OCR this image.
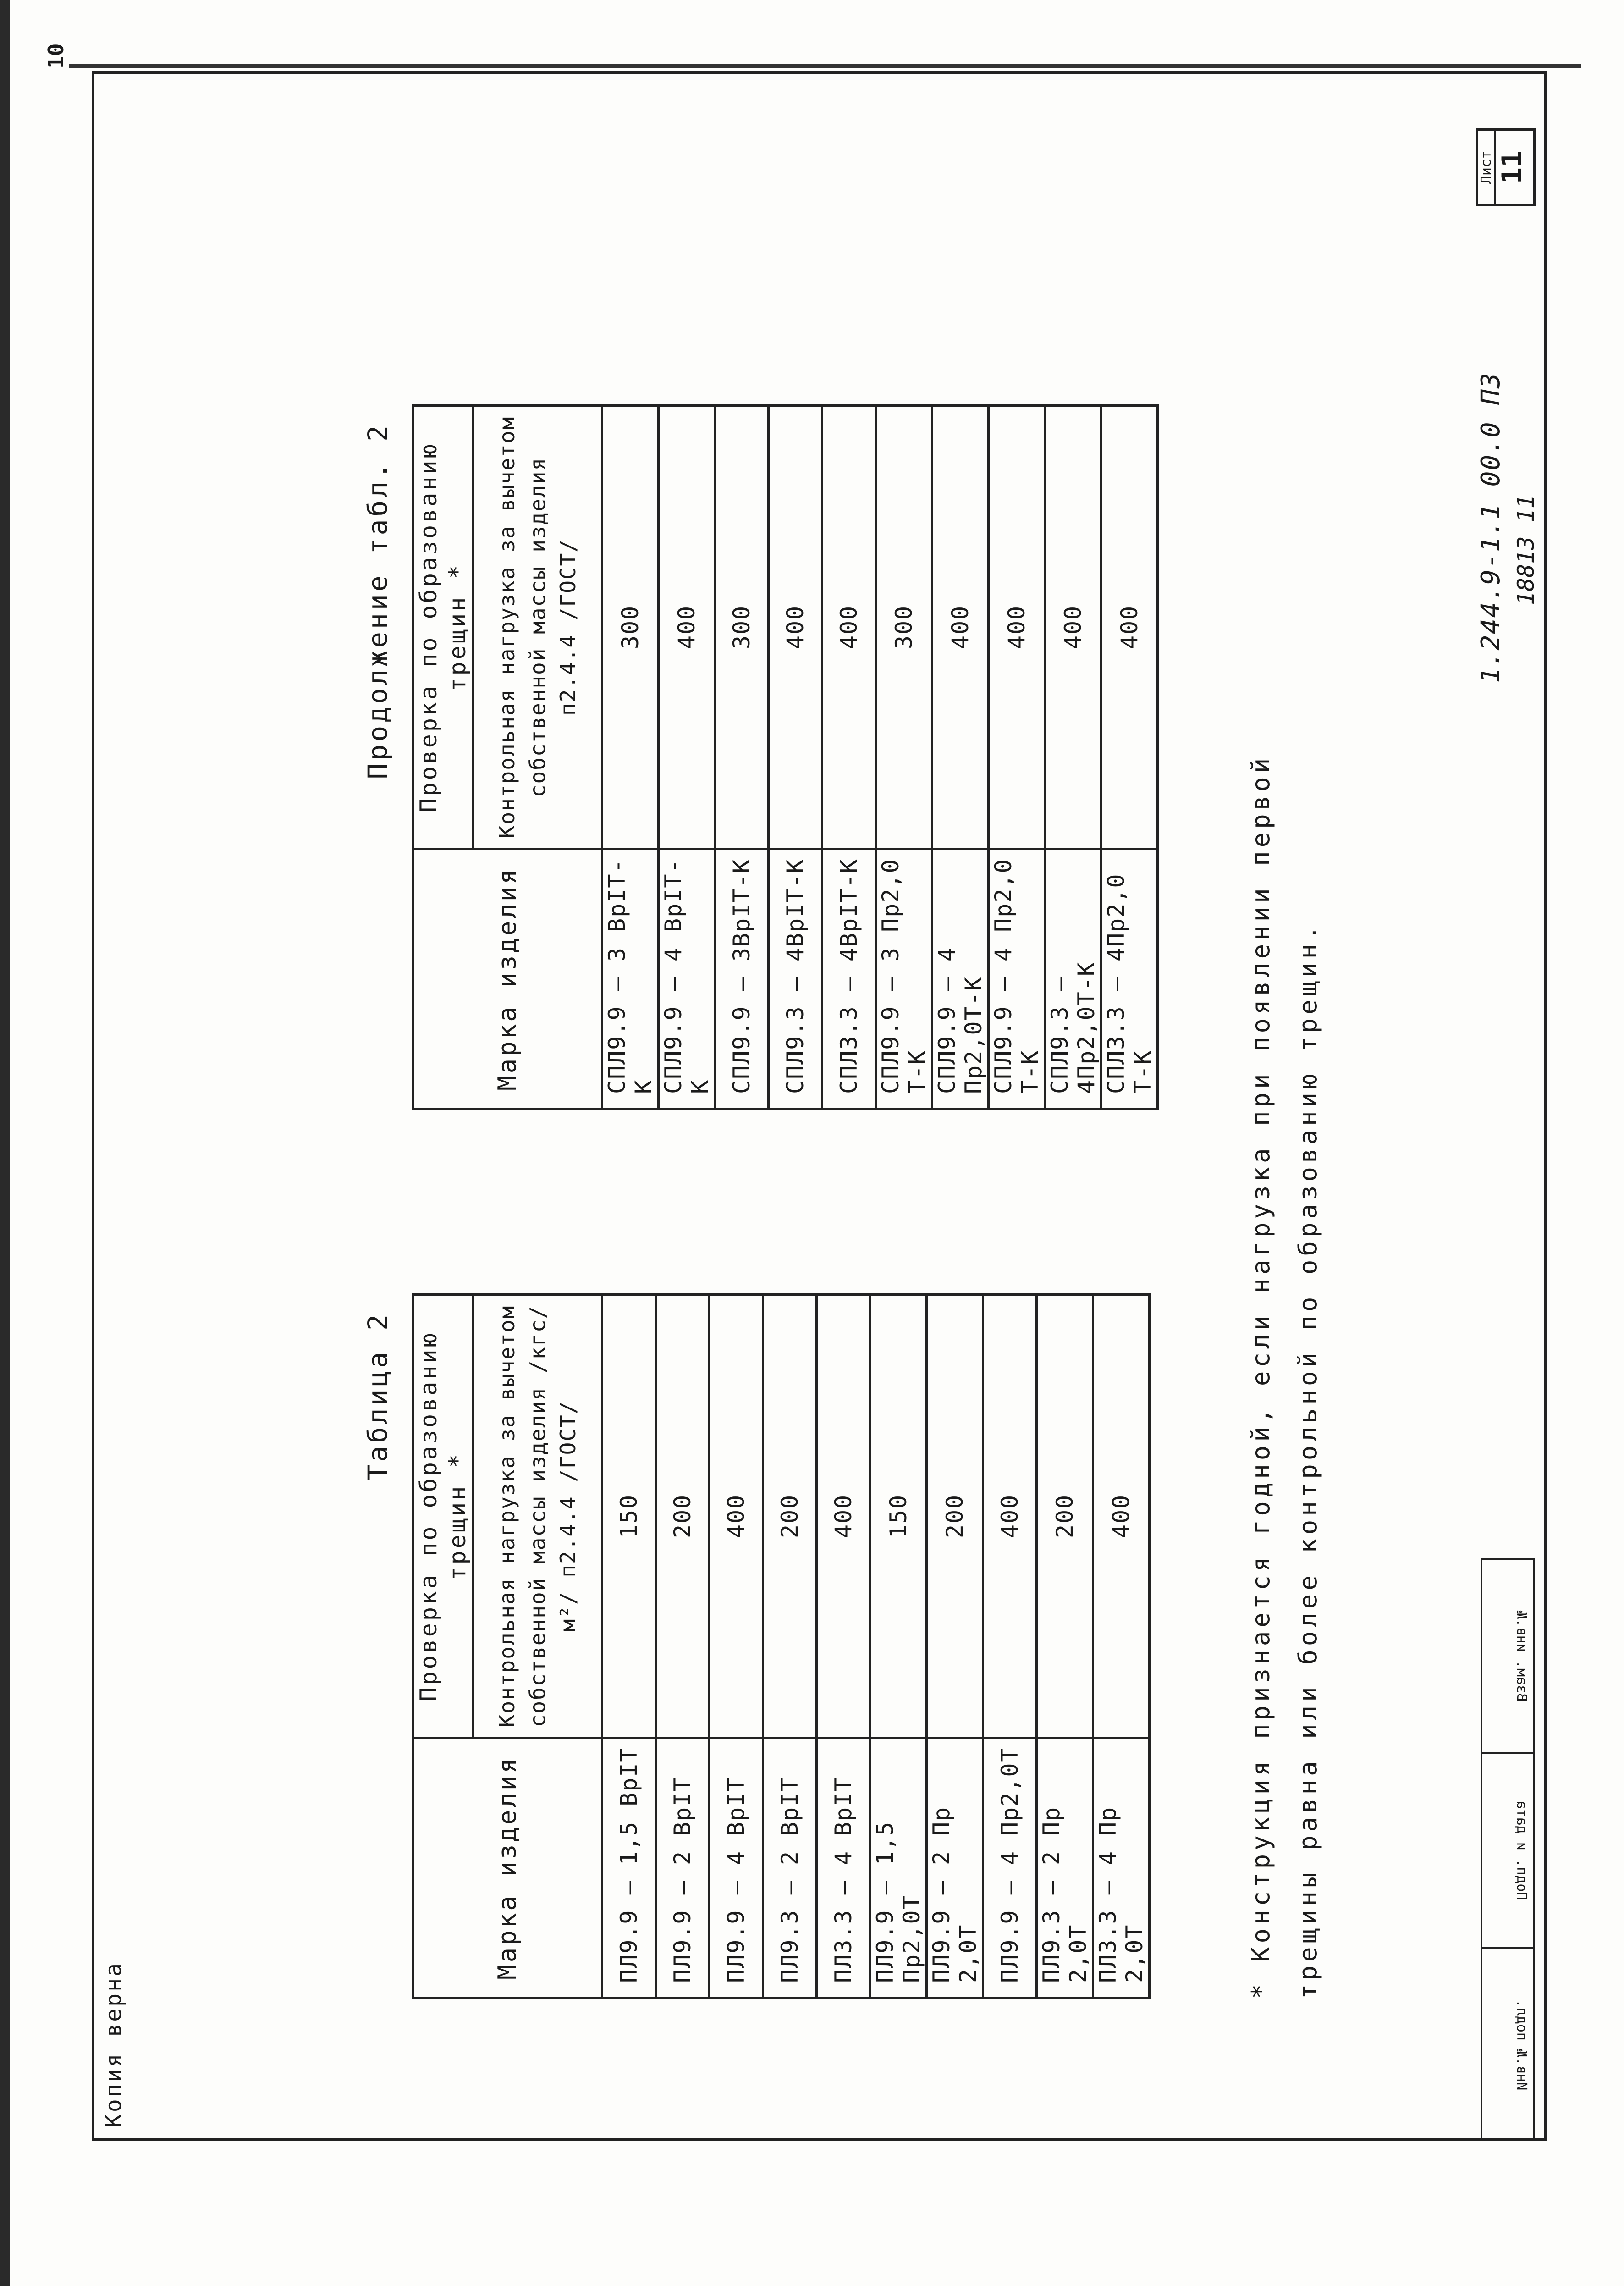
10
Копия верна
Таблица 2
Марка изделия	Проверка по образованию трещин *
	Контрольная нагрузка за вычетом собственной массы изделия /кгс/м²/ п2.4.4 /ГОСТ/
ПЛ9.9 – 1,5 ВрIТ	150
ПЛ9.9 – 2 ВрIТ	200
ПЛ9.9 – 4 ВрIТ	400
ПЛ9.3 – 2 ВрIТ	200
ПЛ3.3 – 4 ВрIТ	400
ПЛ9.9 – 1,5 Пр2,0Т	150
ПЛ9.9 – 2 Пр 2,0Т	200
ПЛ9.9 – 4 Пр2,0Т	400
ПЛ9.3 – 2 Пр 2,0Т	200
ПЛ3.3 – 4 Пр 2,0Т	400
Продолжение табл. 2
Марка изделия	Проверка по образованию трещин *
	Контрольная нагрузка за вычетом собственной массы изделия п2.4.4 /ГОСТ/
СПЛ9.9 – 3 ВрIТ-К	300
СПЛ9.9 – 4 ВрIТ-К	400
СПЛ9.9 – 3ВрIТ-К	300
СПЛ9.3 – 4ВрIТ-К	400
СПЛ3.3 – 4ВрIТ-К	400
СПЛ9.9 – 3 Пр2,0 Т-К	300
СПЛ9.9 – 4 Пр2,0Т-К	400
СПЛ9.9 – 4 Пр2,0 Т-К	400
СПЛ9.3 – 4Пр2,0Т-К	400
СПЛ3.3 – 4Пр2,0 Т-К	400
* Конструкция признается годной, если нагрузка при появлении первой трещины равна или более контрольной по образованию трещин.
1.244.9-1.1 00.0 ПЗ 18813 11
Лист 11
Инв.№ подл.
Подп. и дата
Взам. инв.№
